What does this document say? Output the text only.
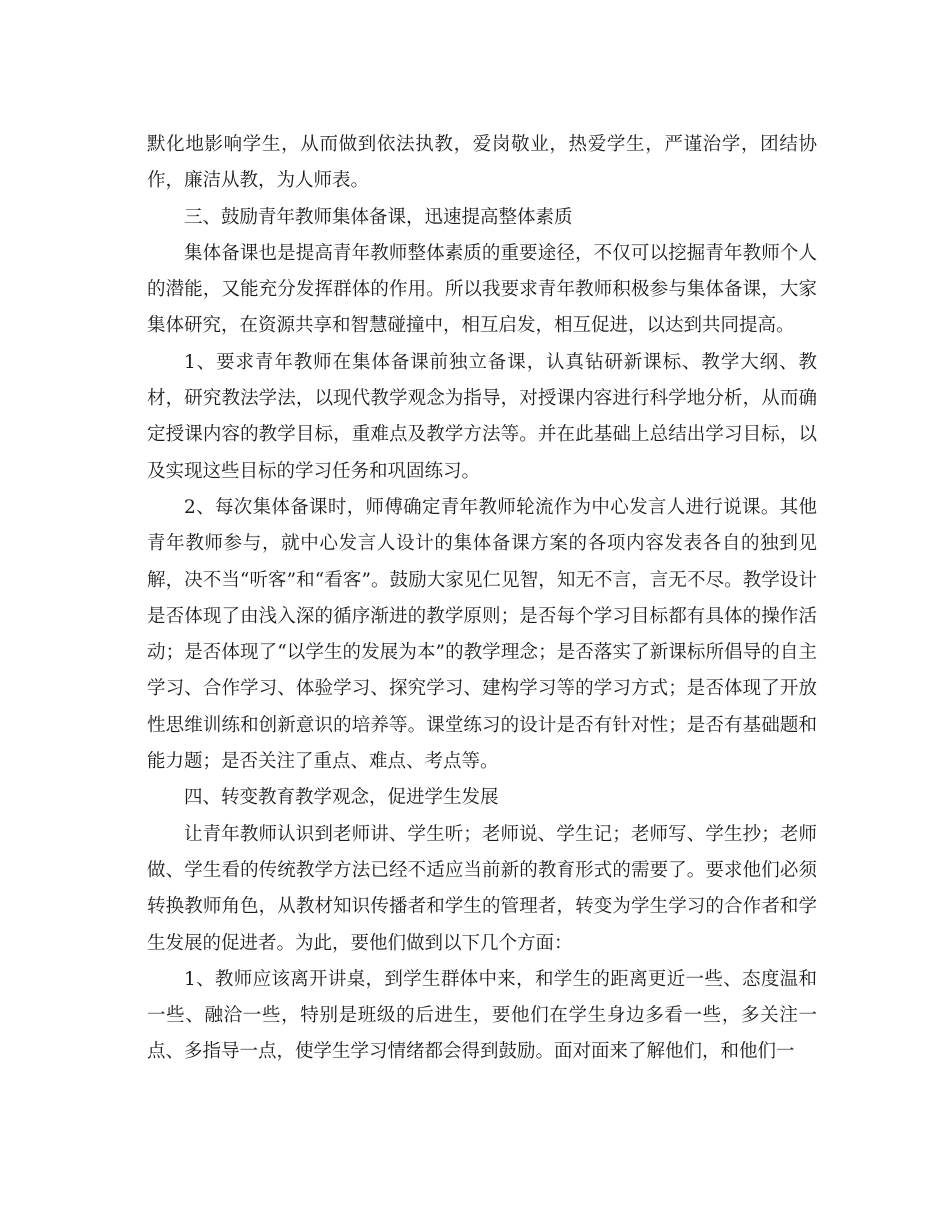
默化地影响学生，从而做到依法执教，爱岗敬业，热爱学生，严谨治学，团结协作，廉洁从教，为人师表。

三、鼓励青年教师集体备课，迅速提高整体素质

集体备课也是提高青年教师整体素质的重要途径，不仅可以挖掘青年教师个人的潜能，又能充分发挥群体的作用。所以我要求青年教师积极参与集体备课，大家集体研究，在资源共享和智慧碰撞中，相互启发，相互促进，以达到共同提高。

1、要求青年教师在集体备课前独立备课，认真钻研新课标、教学大纲、教材，研究教法学法，以现代教学观念为指导，对授课内容进行科学地分析，从而确定授课内容的教学目标，重难点及教学方法等。并在此基础上总结出学习目标，以及实现这些目标的学习任务和巩固练习。

2、每次集体备课时，师傅确定青年教师轮流作为中心发言人进行说课。其他青年教师参与，就中心发言人设计的集体备课方案的各项内容发表各自的独到见解，决不当“听客”和“看客”。鼓励大家见仁见智，知无不言，言无不尽。教学设计是否体现了由浅入深的循序渐进的教学原则；是否每个学习目标都有具体的操作活动；是否体现了“以学生的发展为本”的教学理念；是否落实了新课标所倡导的自主学习、合作学习、体验学习、探究学习、建构学习等的学习方式；是否体现了开放性思维训练和创新意识的培养等。课堂练习的设计是否有针对性；是否有基础题和能力题；是否关注了重点、难点、考点等。

四、转变教育教学观念，促进学生发展

让青年教师认识到老师讲、学生听；老师说、学生记；老师写、学生抄；老师做、学生看的传统教学方法已经不适应当前新的教育形式的需要了。要求他们必须转换教师角色，从教材知识传播者和学生的管理者，转变为学生学习的合作者和学生发展的促进者。为此，要他们做到以下几个方面：

1、教师应该离开讲桌，到学生群体中来，和学生的距离更近一些、态度温和一些、融洽一些，特别是班级的后进生，要他们在学生身边多看一些，多关注一点、多指导一点，使学生学习情绪都会得到鼓励。面对面来了解他们，和他们一
